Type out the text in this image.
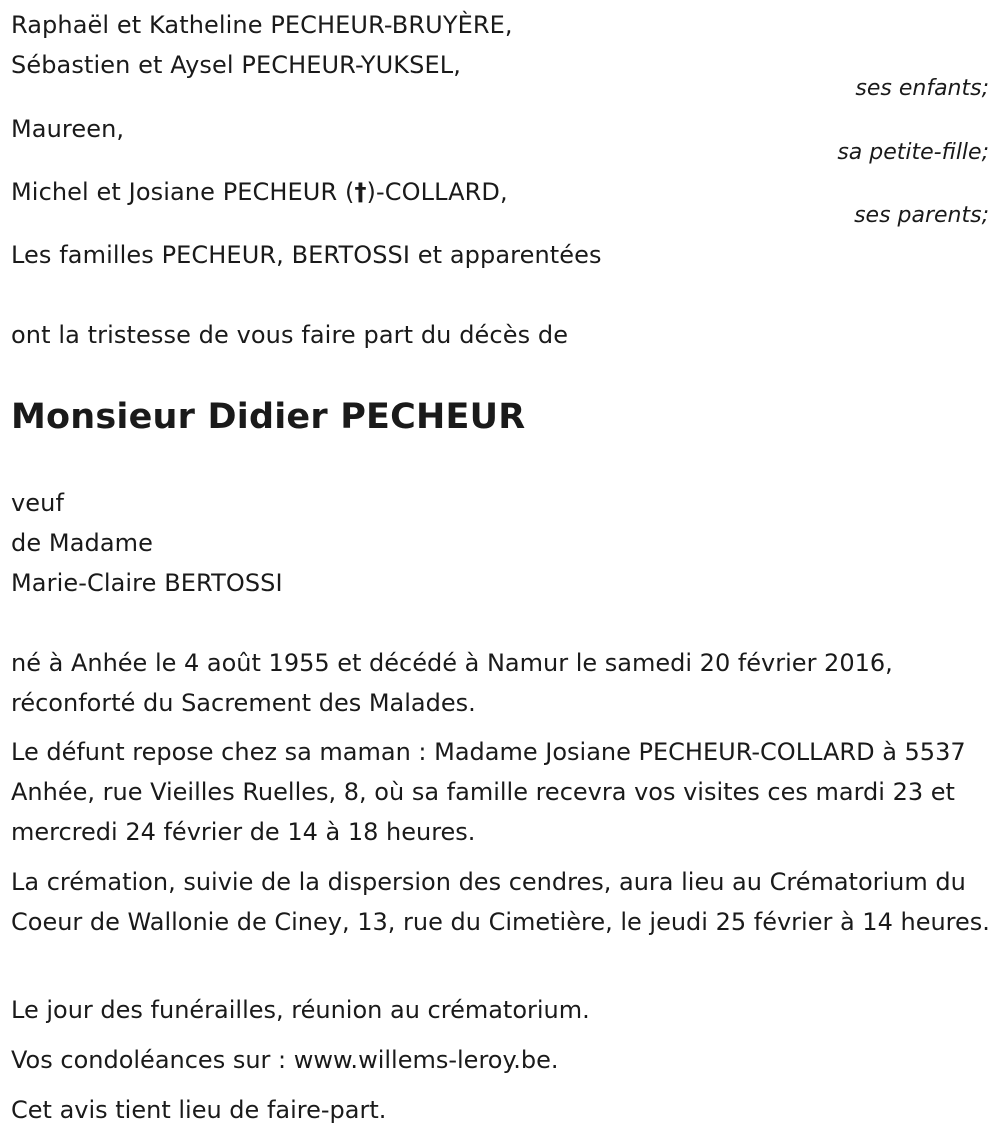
Raphaël et Katheline PECHEUR-BRUYÈRE,
Sébastien et Aysel PECHEUR-YUKSEL,
ses enfants;
Maureen,
sa petite-fille;
Michel et Josiane PECHEUR (†)-COLLARD,
ses parents;
Les familles PECHEUR, BERTOSSI et apparentées
ont la tristesse de vous faire part du décès de
Monsieur Didier PECHEUR
veuf
de Madame
Marie-Claire BERTOSSI
né à Anhée le 4 août 1955 et décédé à Namur le samedi 20 février 2016, réconforté du Sacrement des Malades.
Le défunt repose chez sa maman : Madame Josiane PECHEUR-COLLARD à 5537 Anhée, rue Vieilles Ruelles, 8, où sa famille recevra vos visites ces mardi 23 et mercredi 24 février de 14 à 18 heures.
La crémation, suivie de la dispersion des cendres, aura lieu au Crématorium du Coeur de Wallonie de Ciney, 13, rue du Cimetière, le jeudi 25 février à 14 heures.
Le jour des funérailles, réunion au crématorium.
Vos condoléances sur : www.willems-leroy.be.
Cet avis tient lieu de faire-part.
